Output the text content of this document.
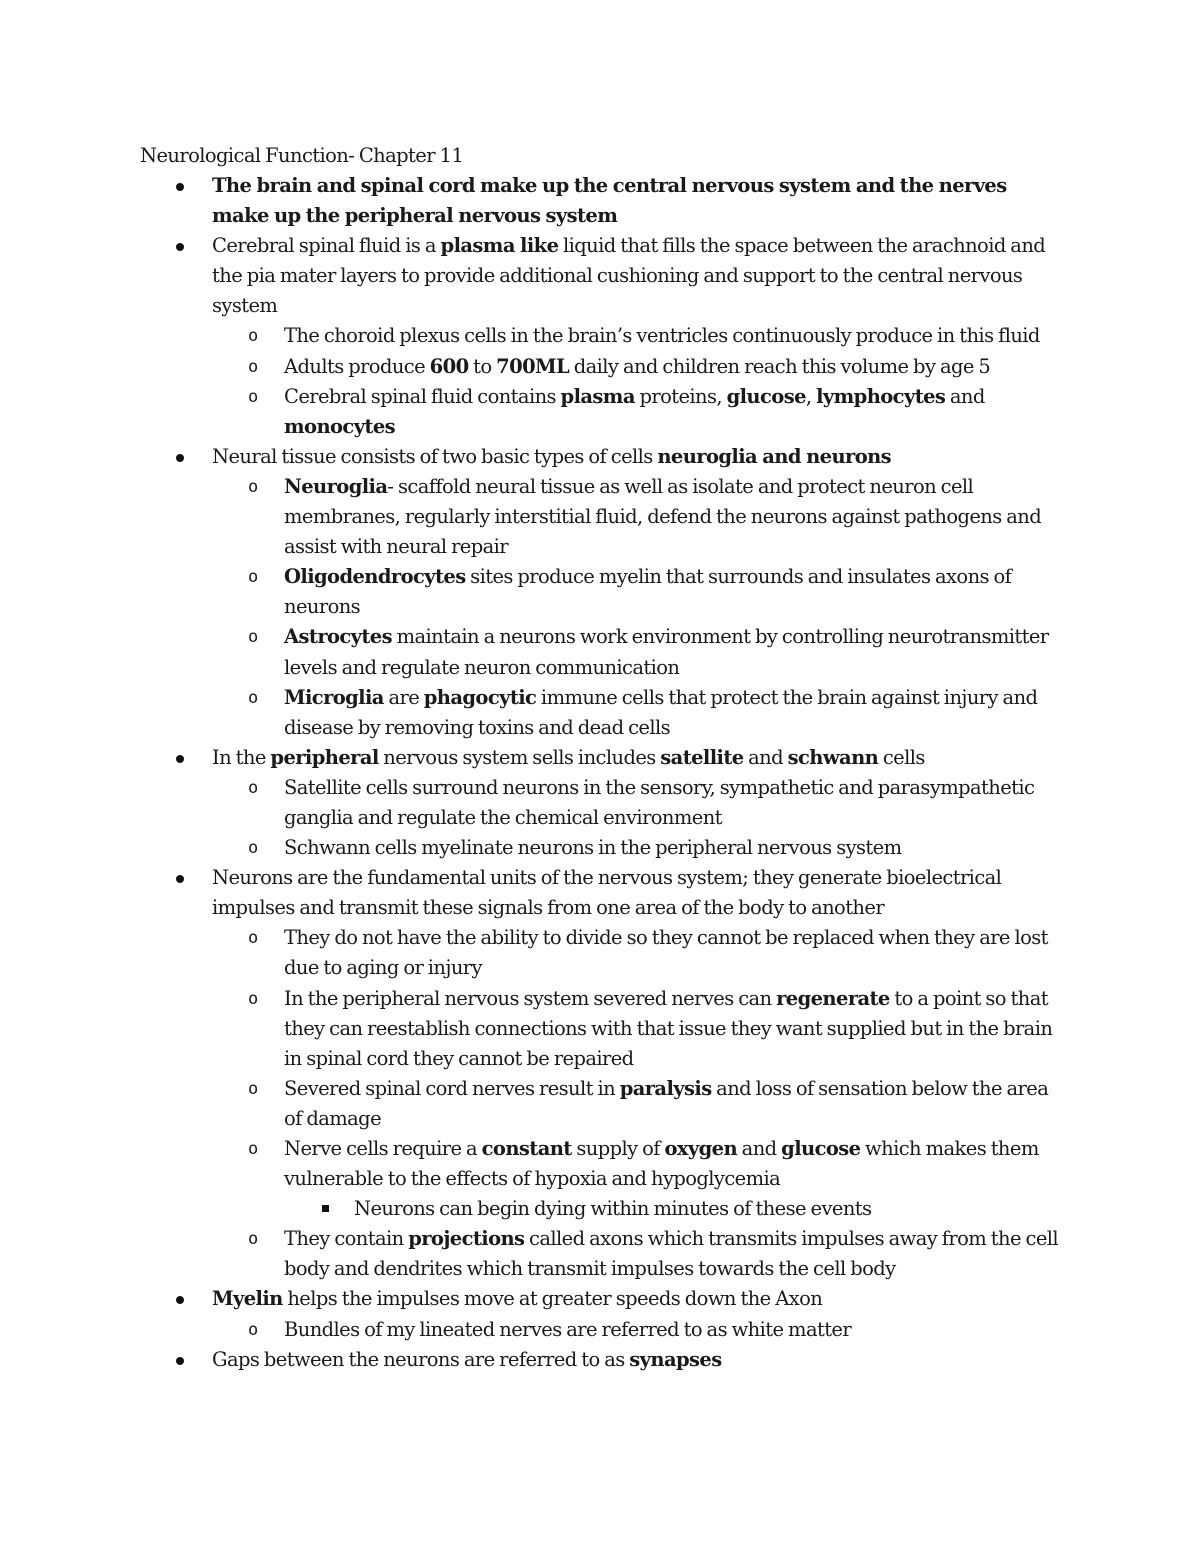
Neurological Function- Chapter 11
The brain and spinal cord make up the central nervous system and the nerves make up the peripheral nervous system
Cerebral spinal fluid is a plasma like liquid that fills the space between the arachnoid and the pia mater layers to provide additional cushioning and support to the central nervous system
o The choroid plexus cells in the brain’s ventricles continuously produce in this fluid
o Adults produce 600 to 700ML daily and children reach this volume by age 5
o Cerebral spinal fluid contains plasma proteins, glucose, lymphocytes and monocytes
Neural tissue consists of two basic types of cells neuroglia and neurons
o Neuroglia- scaffold neural tissue as well as isolate and protect neuron cell membranes, regularly interstitial fluid, defend the neurons against pathogens and assist with neural repair
o Oligodendrocytes sites produce myelin that surrounds and insulates axons of neurons
o Astrocytes maintain a neurons work environment by controlling neurotransmitter levels and regulate neuron communication
o Microglia are phagocytic immune cells that protect the brain against injury and disease by removing toxins and dead cells
In the peripheral nervous system sells includes satellite and schwann cells
o Satellite cells surround neurons in the sensory, sympathetic and parasympathetic ganglia and regulate the chemical environment
o Schwann cells myelinate neurons in the peripheral nervous system
Neurons are the fundamental units of the nervous system; they generate bioelectrical impulses and transmit these signals from one area of the body to another
o They do not have the ability to divide so they cannot be replaced when they are lost due to aging or injury
o In the peripheral nervous system severed nerves can regenerate to a point so that they can reestablish connections with that issue they want supplied but in the brain in spinal cord they cannot be repaired
o Severed spinal cord nerves result in paralysis and loss of sensation below the area of damage
o Nerve cells require a constant supply of oxygen and glucose which makes them vulnerable to the effects of hypoxia and hypoglycemia
Neurons can begin dying within minutes of these events
o They contain projections called axons which transmits impulses away from the cell body and dendrites which transmit impulses towards the cell body
Myelin helps the impulses move at greater speeds down the Axon
o Bundles of my lineated nerves are referred to as white matter
Gaps between the neurons are referred to as synapses
